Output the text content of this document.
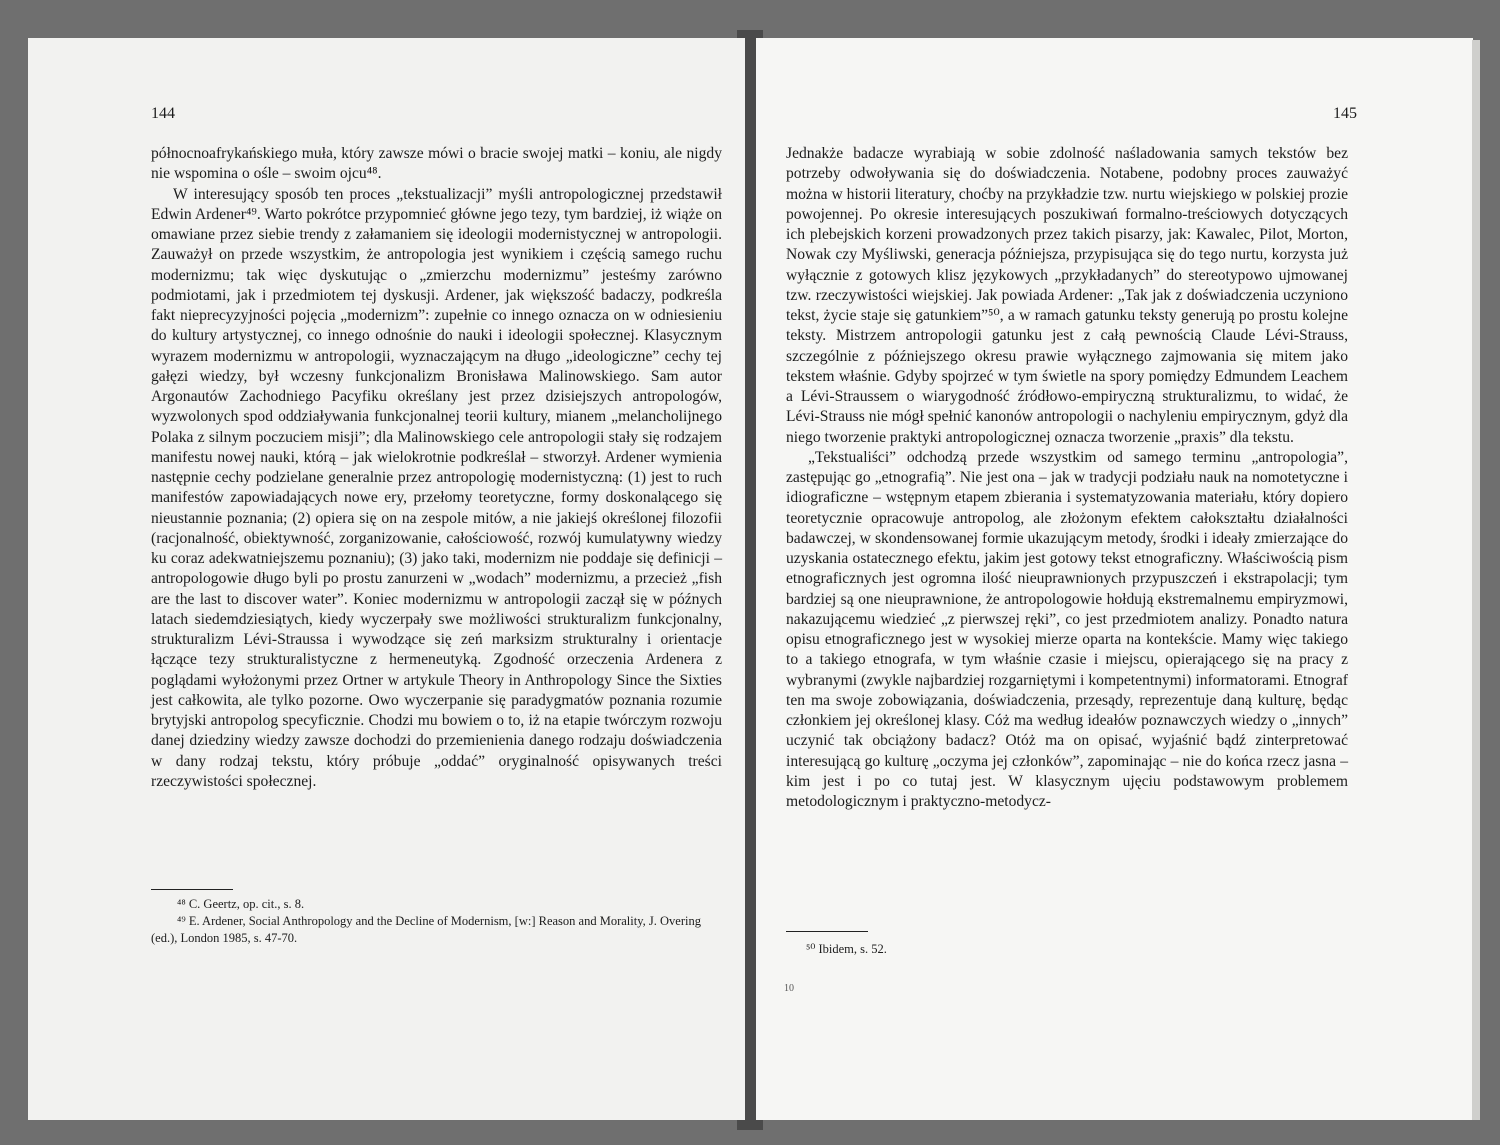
144

północnoafrykańskiego muła, który zawsze mówi o bracie swojej matki – koniu, ale nigdy nie wspomina o ośle – swoim ojcu⁴⁸.

W interesujący sposób ten proces „tekstualizacji” myśli antropologicznej przedstawił Edwin Ardener⁴⁹. Warto pokrótce przypomnieć główne jego tezy, tym bardziej, iż wiąże on omawiane przez siebie trendy z załamaniem się ideologii modernistycznej w antropologii. Zauważył on przede wszystkim, że antropologia jest wynikiem i częścią samego ruchu modernizmu; tak więc dyskutując o „zmierzchu modernizmu” jesteśmy zarówno podmiotami, jak i przedmiotem tej dyskusji. Ardener, jak większość badaczy, podkreśla fakt nieprecyzyjności pojęcia „modernizm”: zupełnie co innego oznacza on w odniesieniu do kultury artystycznej, co innego odnośnie do nauki i ideologii społecznej. Klasycznym wyrazem modernizmu w antropologii, wyznaczającym na długo „ideologiczne” cechy tej gałęzi wiedzy, był wczesny funkcjonalizm Bronisława Malinowskiego. Sam autor Argonautów Zachodniego Pacyfiku określany jest przez dzisiejszych antropologów, wyzwolonych spod oddziaływania funkcjonalnej teorii kultury, mianem „melancholijnego Polaka z silnym poczuciem misji”; dla Malinowskiego cele antropologii stały się rodzajem manifestu nowej nauki, którą – jak wielokrotnie podkreślał – stworzył. Ardener wymienia następnie cechy podzielane generalnie przez antropologię modernistyczną: (1) jest to ruch manifestów zapowiadających nowe ery, przełomy teoretyczne, formy doskonalącego się nieustannie poznania; (2) opiera się on na zespole mitów, a nie jakiejś określonej filozofii (racjonalność, obiektywność, zorganizowanie, całościowość, rozwój kumulatywny wiedzy ku coraz adekwatniejszemu poznaniu); (3) jako taki, modernizm nie poddaje się definicji – antropologowie długo byli po prostu zanurzeni w „wodach” modernizmu, a przecież „fish are the last to discover water”. Koniec modernizmu w antropologii zaczął się w późnych latach siedemdziesiątych, kiedy wyczerpały swe możliwości strukturalizm funkcjonalny, strukturalizm Lévi-Straussa i wywodzące się zeń marksizm strukturalny i orientacje łączące tezy strukturalistyczne z hermeneutyką. Zgodność orzeczenia Ardenera z poglądami wyłożonymi przez Ortner w artykule Theory in Anthropology Since the Sixties jest całkowita, ale tylko pozorne. Owo wyczerpanie się paradygmatów poznania rozumie brytyjski antropolog specyficznie. Chodzi mu bowiem o to, iż na etapie twórczym rozwoju danej dziedziny wiedzy zawsze dochodzi do przemienienia danego rodzaju doświadczenia w dany rodzaj tekstu, który próbuje „oddać” oryginalność opisywanych treści rzeczywistości społecznej.

⁴⁸ C. Geertz, op. cit., s. 8.

⁴⁹ E. Ardener, Social Anthropology and the Decline of Modernism, [w:] Reason and Morality, J. Overing (ed.), London 1985, s. 47-70.

145

Jednakże badacze wyrabiają w sobie zdolność naśladowania samych tekstów bez potrzeby odwoływania się do doświadczenia. Notabene, podobny proces zauważyć można w historii literatury, choćby na przykładzie tzw. nurtu wiejskiego w polskiej prozie powojennej. Po okresie interesujących poszukiwań formalno-treściowych dotyczących ich plebejskich korzeni prowadzonych przez takich pisarzy, jak: Kawalec, Pilot, Morton, Nowak czy Myśliwski, generacja późniejsza, przypisująca się do tego nurtu, korzysta już wyłącznie z gotowych klisz językowych „przykładanych” do stereotypowo ujmowanej tzw. rzeczywistości wiejskiej. Jak powiada Ardener: „Tak jak z doświadczenia uczyniono tekst, życie staje się gatunkiem”⁵⁰, a w ramach gatunku teksty generują po prostu kolejne teksty. Mistrzem antropologii gatunku jest z całą pewnością Claude Lévi-Strauss, szczególnie z późniejszego okresu prawie wyłącznego zajmowania się mitem jako tekstem właśnie. Gdyby spojrzeć w tym świetle na spory pomiędzy Edmundem Leachem a Lévi-Straussem o wiarygodność źródłowo-empiryczną strukturalizmu, to widać, że Lévi-Strauss nie mógł spełnić kanonów antropologii o nachyleniu empirycznym, gdyż dla niego tworzenie praktyki antropologicznej oznacza tworzenie „praxis” dla tekstu.

„Tekstualiści” odchodzą przede wszystkim od samego terminu „antropologia”, zastępując go „etnografią”. Nie jest ona – jak w tradycji podziału nauk na nomotetyczne i idiograficzne – wstępnym etapem zbierania i systematyzowania materiału, który dopiero teoretycznie opracowuje antropolog, ale złożonym efektem całokształtu działalności badawczej, w skondensowanej formie ukazującym metody, środki i ideały zmierzające do uzyskania ostatecznego efektu, jakim jest gotowy tekst etnograficzny. Właściwością pism etnograficznych jest ogromna ilość nieuprawnionych przypuszczeń i ekstrapolacji; tym bardziej są one nieuprawnione, że antropologowie hołdują ekstremalnemu empiryzmowi, nakazującemu wiedzieć „z pierwszej ręki”, co jest przedmiotem analizy. Ponadto natura opisu etnograficznego jest w wysokiej mierze oparta na kontekście. Mamy więc takiego to a takiego etnografa, w tym właśnie czasie i miejscu, opierającego się na pracy z wybranymi (zwykle najbardziej rozgarniętymi i kompetentnymi) informatorami. Etnograf ten ma swoje zobowiązania, doświadczenia, przesądy, reprezentuje daną kulturę, będąc członkiem jej określonej klasy. Cóż ma według ideałów poznawczych wiedzy o „innych” uczynić tak obciążony badacz? Otóż ma on opisać, wyjaśnić bądź zinterpretować interesującą go kulturę „oczyma jej członków”, zapominając – nie do końca rzecz jasna – kim jest i po co tutaj jest. W klasycznym ujęciu podstawowym problemem metodologicznym i praktyczno-metodycz-

⁵⁰ Ibidem, s. 52.

10
